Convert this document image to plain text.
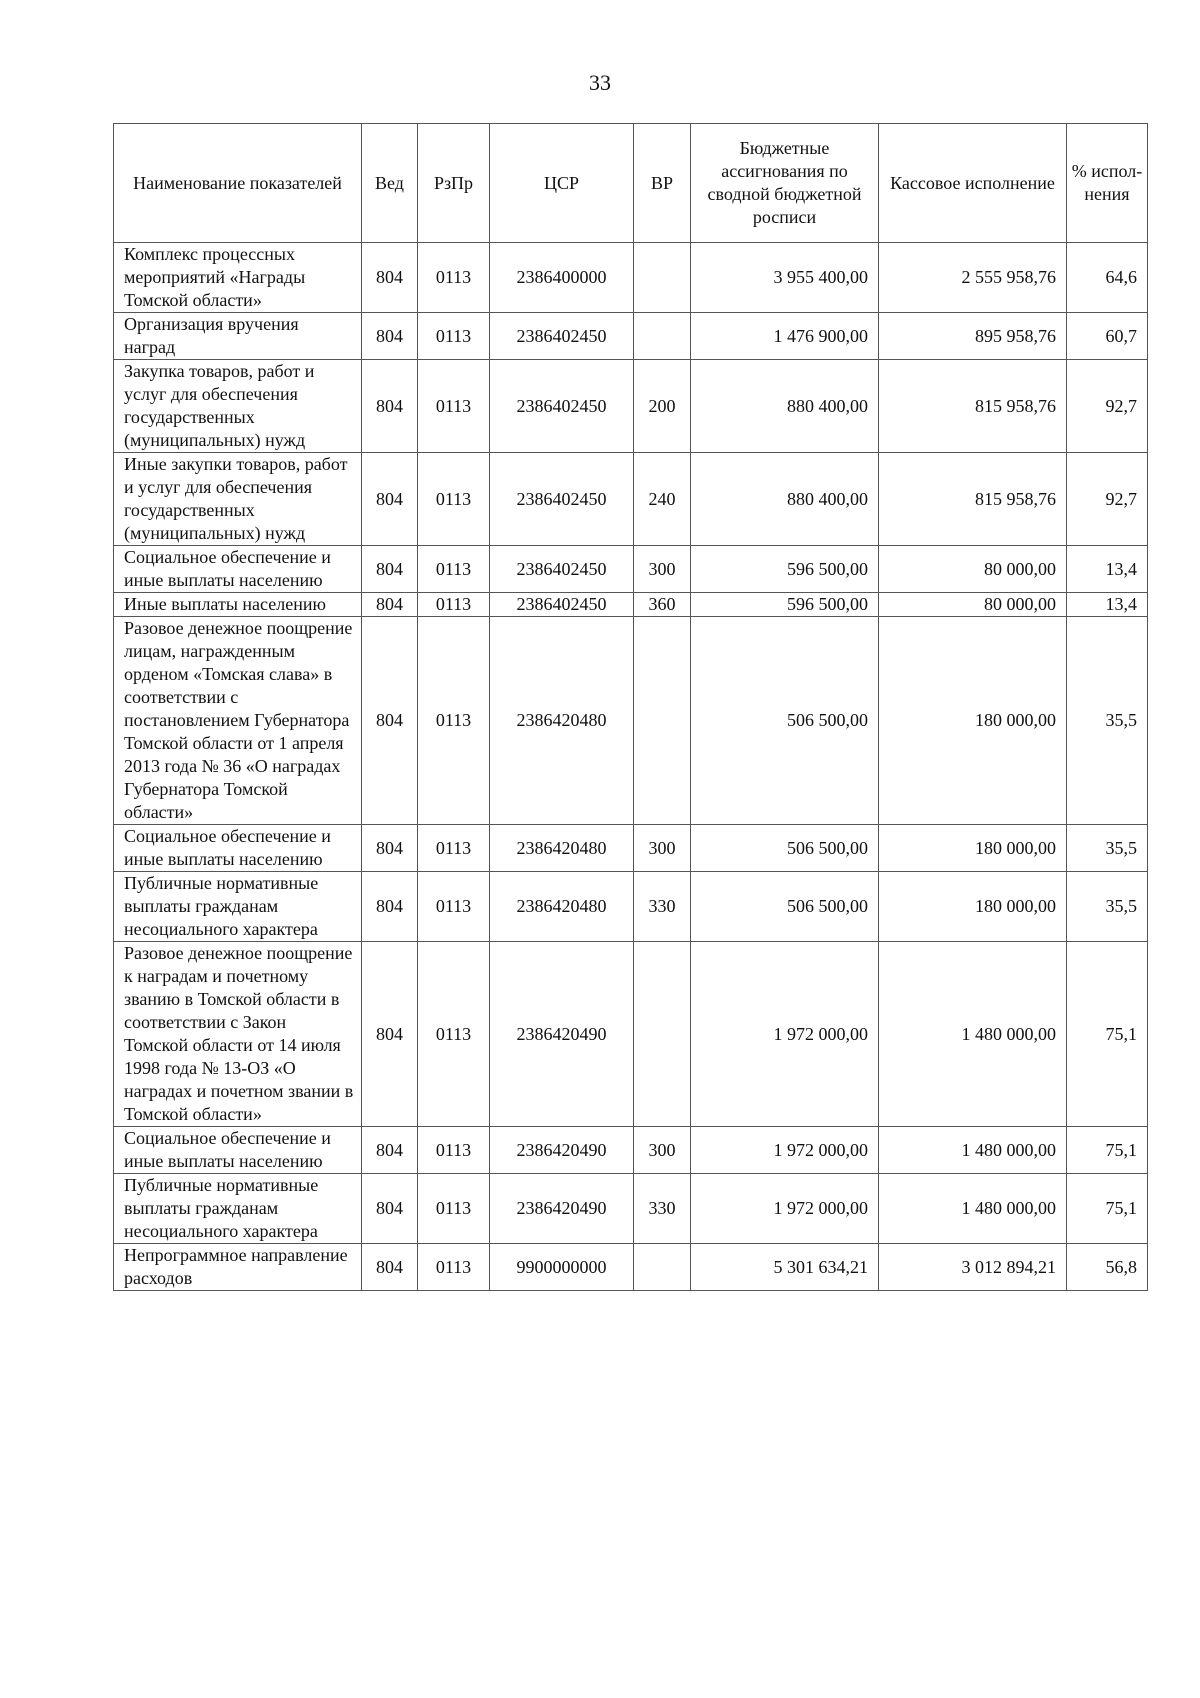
33
Наименование показателей	Вед	РзПр	ЦСР	ВР	Бюджетные ассигнования по сводной бюджетной росписи	Кассовое исполнение	% испол-нения
Комплекс процессных мероприятий «Награды Томской области»	804	0113	2386400000		3 955 400,00	2 555 958,76	64,6
Организация вручения наград	804	0113	2386402450		1 476 900,00	895 958,76	60,7
Закупка товаров, работ и услуг для обеспечения государственных (муниципальных) нужд	804	0113	2386402450	200	880 400,00	815 958,76	92,7
Иные закупки товаров, работ и услуг для обеспечения государственных (муниципальных) нужд	804	0113	2386402450	240	880 400,00	815 958,76	92,7
Социальное обеспечение и иные выплаты населению	804	0113	2386402450	300	596 500,00	80 000,00	13,4
Иные выплаты населению	804	0113	2386402450	360	596 500,00	80 000,00	13,4
Разовое денежное поощрение лицам, награжденным орденом «Томская слава» в соответствии с постановлением Губернатора Томской области от 1 апреля 2013 года № 36 «О наградах Губернатора Томской области»	804	0113	2386420480		506 500,00	180 000,00	35,5
Социальное обеспечение и иные выплаты населению	804	0113	2386420480	300	506 500,00	180 000,00	35,5
Публичные нормативные выплаты гражданам несоциального характера	804	0113	2386420480	330	506 500,00	180 000,00	35,5
Разовое денежное поощрение к наградам и почетному званию в Томской области в соответствии с Закон Томской области от 14 июля 1998 года № 13-ОЗ «О наградах и почетном звании в Томской области»	804	0113	2386420490		1 972 000,00	1 480 000,00	75,1
Социальное обеспечение и иные выплаты населению	804	0113	2386420490	300	1 972 000,00	1 480 000,00	75,1
Публичные нормативные выплаты гражданам несоциального характера	804	0113	2386420490	330	1 972 000,00	1 480 000,00	75,1
Непрограммное направление расходов	804	0113	9900000000		5 301 634,21	3 012 894,21	56,8
